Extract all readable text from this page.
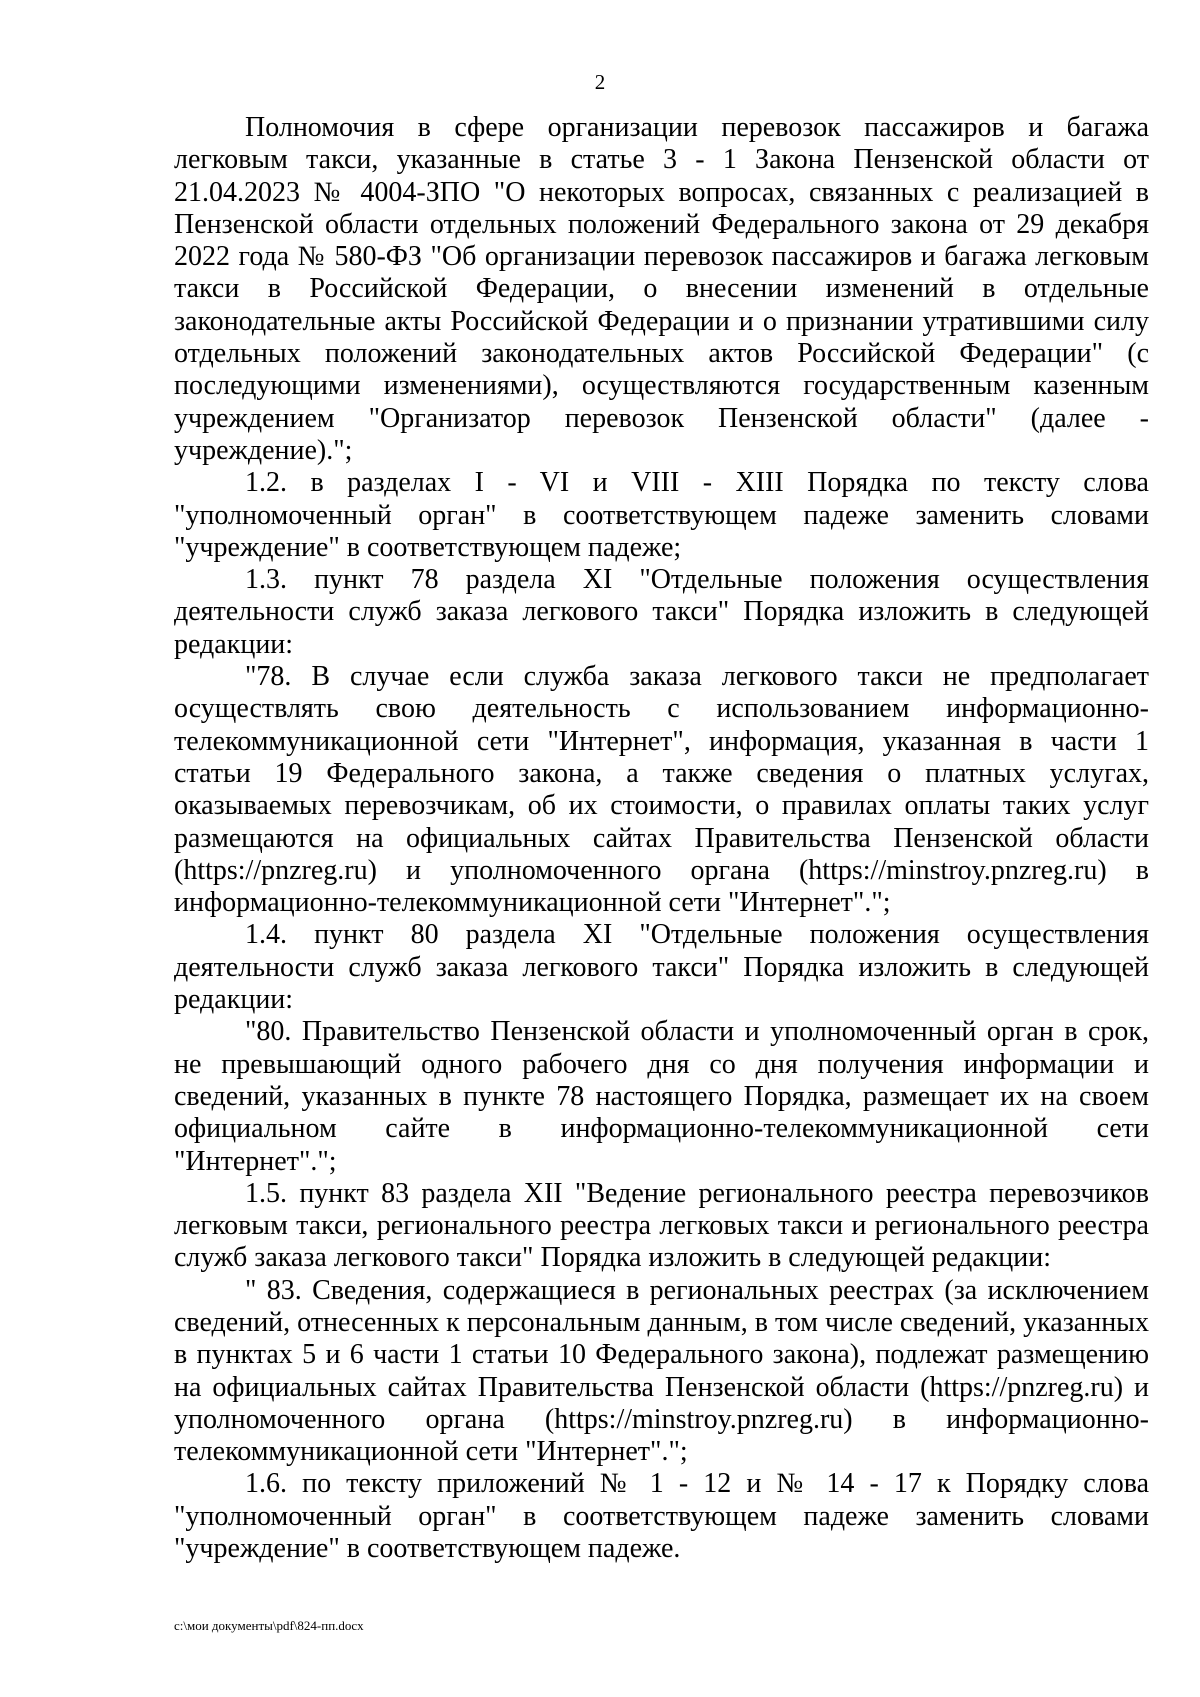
2

Полномочия в сфере организации перевозок пассажиров и багажа легковым такси, указанные в статье 3 - 1 Закона Пензенской области от 21.04.2023 № 4004-ЗПО "О некоторых вопросах, связанных с реализацией в Пензенской области отдельных положений Федерального закона от 29 декабря 2022 года № 580-ФЗ "Об организации перевозок пассажиров и багажа легковым такси в Российской Федерации, о внесении изменений в отдельные законодательные акты Российской Федерации и о признании утратившими силу отдельных положений законодательных актов Российской Федерации" (с последующими изменениями), осуществляются государственным казенным учреждением "Организатор перевозок Пензенской области" (далее - учреждение).";

1.2. в разделах I - VI и VIII - XIII Порядка по тексту слова "уполномоченный орган" в соответствующем падеже заменить словами "учреждение" в соответствующем падеже;

1.3. пункт 78 раздела XI "Отдельные положения осуществления деятельности служб заказа легкового такси" Порядка изложить в следующей редакции:

"78. В случае если служба заказа легкового такси не предполагает осуществлять свою деятельность с использованием информационно-телекоммуникационной сети "Интернет", информация, указанная в части 1 статьи 19 Федерального закона, а также сведения о платных услугах, оказываемых перевозчикам, об их стоимости, о правилах оплаты таких услуг размещаются на официальных сайтах Правительства Пензенской области (https://pnzreg.ru) и уполномоченного органа (https://minstroy.pnzreg.ru) в информационно-телекоммуникационной сети "Интернет".";

1.4. пункт 80 раздела XI "Отдельные положения осуществления деятельности служб заказа легкового такси" Порядка изложить в следующей редакции:

"80. Правительство Пензенской области и уполномоченный орган в срок, не превышающий одного рабочего дня со дня получения информации и сведений, указанных в пункте 78 настоящего Порядка, размещает их на своем официальном сайте в информационно-телекоммуникационной сети "Интернет".";

1.5. пункт 83 раздела XII "Ведение регионального реестра перевозчиков легковым такси, регионального реестра легковых такси и регионального реестра служб заказа легкового такси" Порядка изложить в следующей редакции:

" 83. Сведения, содержащиеся в региональных реестрах (за исключением сведений, отнесенных к персональным данным, в том числе сведений, указанных в пунктах 5 и 6 части 1 статьи 10 Федерального закона), подлежат размещению на официальных сайтах Правительства Пензенской области (https://pnzreg.ru) и уполномоченного органа (https://minstroy.pnzreg.ru) в информационно-телекоммуникационной сети "Интернет".";

1.6. по тексту приложений № 1 - 12 и № 14 - 17 к Порядку слова "уполномоченный орган" в соответствующем падеже заменить словами "учреждение" в соответствующем падеже.

c:\мои документы\pdf\824-пп.docx
